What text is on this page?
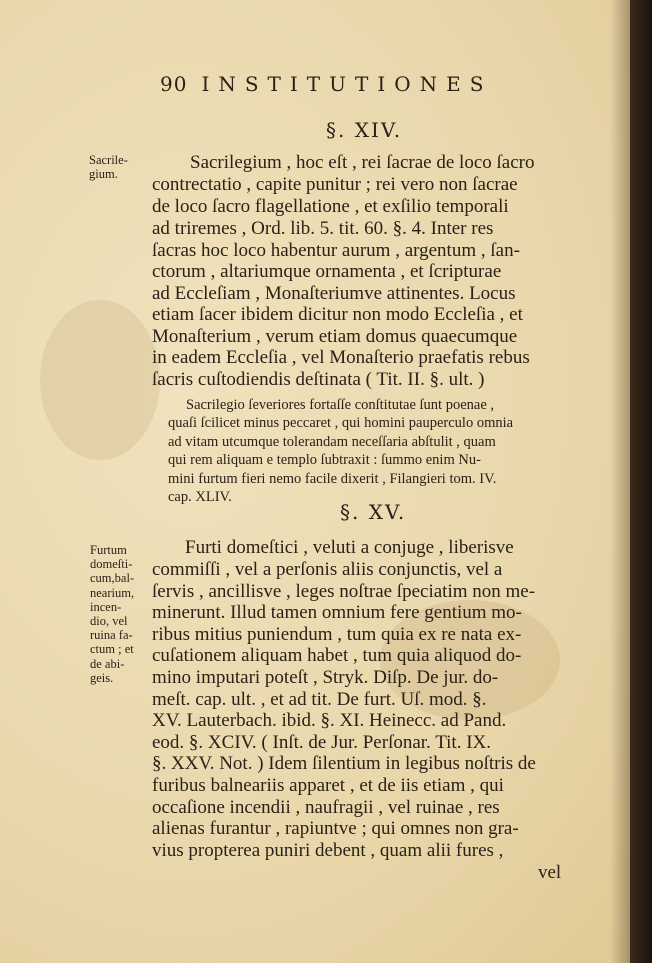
90 INSTITUTIONES
§. XIV.
Sacrile-
gium.
Sacrilegium , hoc eſt , rei ſacrae de loco ſacro
contrectatio , capite punitur ; rei vero non ſacrae
de loco ſacro flagellatione , et exſilio temporali
ad triremes , Ord. lib. 5. tit. 60. §. 4. Inter res
ſacras hoc loco habentur aurum , argentum , ſan-
ctorum , altariumque ornamenta , et ſcripturae
ad Eccleſiam , Monaſteriumve attinentes. Locus
etiam ſacer ibidem dicitur non modo Eccleſia , et
Monaſterium , verum etiam domus quaecumque
in eadem Eccleſia , vel Monaſterio praefatis rebus
ſacris cuſtodiendis deſtinata ( Tit. II. §. ult. )
Sacrilegio ſeveriores fortaſſe conſtitutae ſunt poenae ,
quaſi ſcilicet minus peccaret , qui homini pauperculo omnia
ad vitam utcumque tolerandam neceſſaria abſtulit , quam
qui rem aliquam e templo ſubtraxit : ſummo enim Nu-
mini furtum fieri nemo facile dixerit , Filangieri tom. IV.
cap. XLIV.
§. XV.
Furtum
domeſti-
cum,bal-
nearium,
incen-
dio, vel
ruina fa-
ctum ; et
de abi-
geis.
Furti domeſtici , veluti a conjuge , liberisve
commiſſi , vel a perſonis aliis conjunctis, vel a
ſervis , ancillisve , leges noſtrae ſpeciatim non me-
minerunt. Illud tamen omnium fere gentium mo-
ribus mitius puniendum , tum quia ex re nata ex-
cuſationem aliquam habet , tum quia aliquod do-
mino imputari poteſt , Stryk. Diſp. De jur. do-
meſt. cap. ult. , et ad tit. De furt. Uſ. mod. §.
XV. Lauterbach. ibid. §. XI. Heinecc. ad Pand.
eod. §. XCIV. ( Inſt. de Jur. Perſonar. Tit. IX.
§. XXV. Not. ) Idem ſilentium in legibus noſtris de
furibus balneariis apparet , et de iis etiam , qui
occaſione incendii , naufragii , vel ruinae , res
alienas furantur , rapiuntve ; qui omnes non gra-
vius propterea puniri debent , quam alii fures ,
vel
